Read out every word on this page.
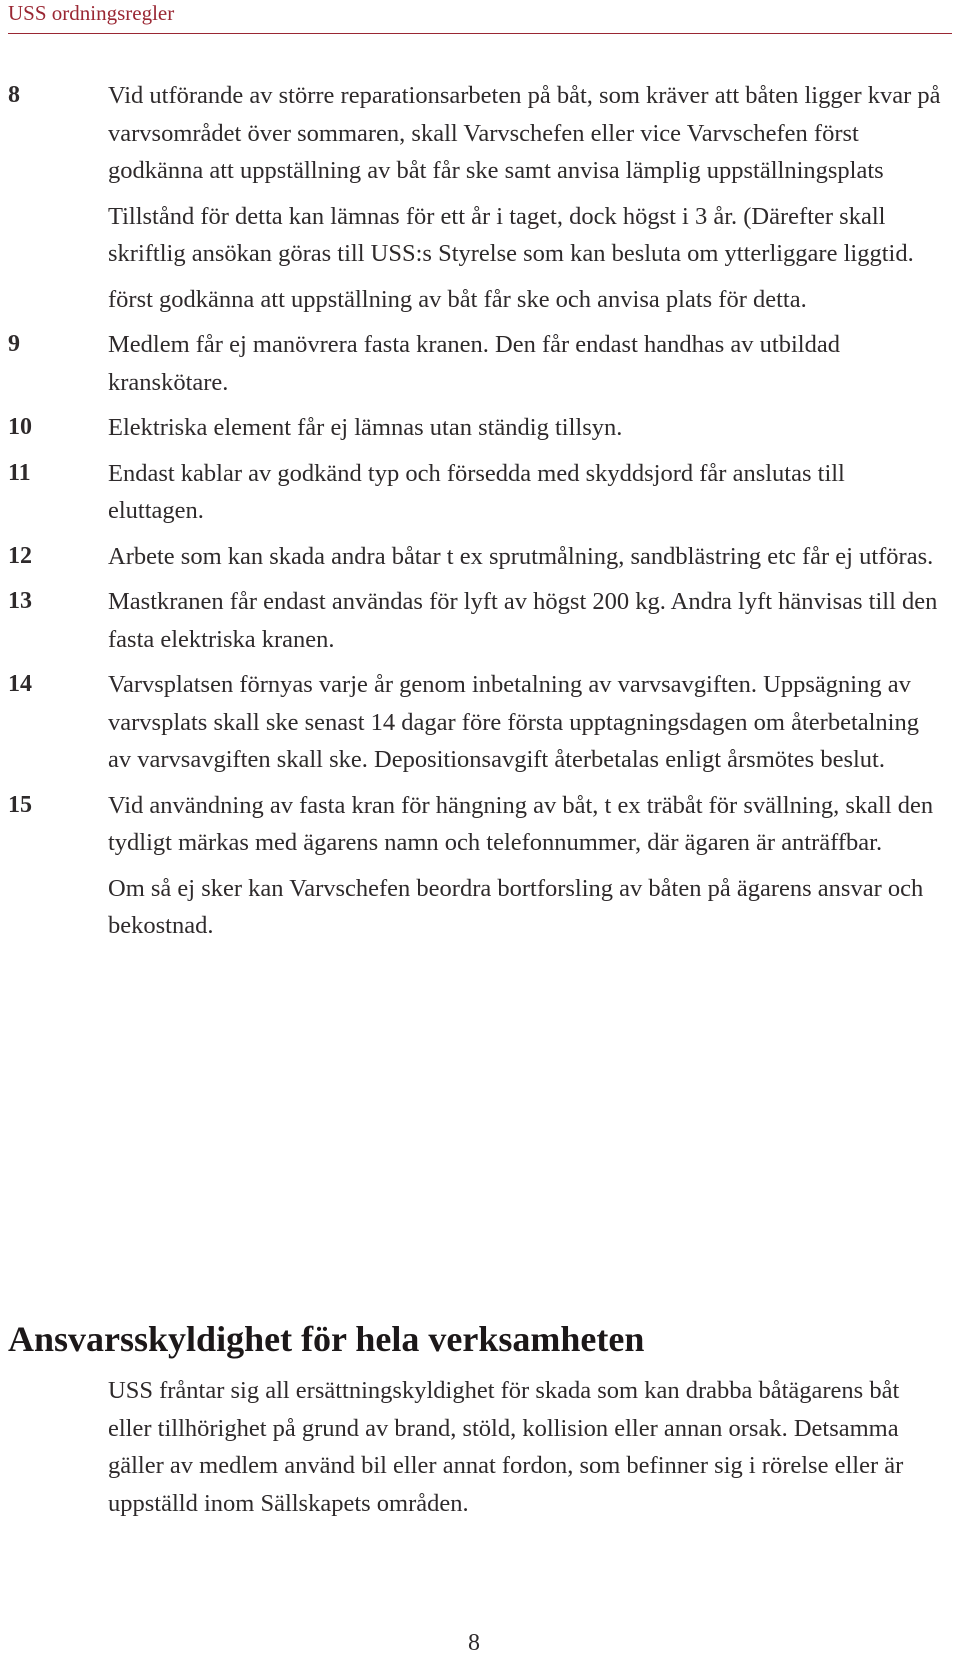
USS ordningsregler
8	Vid utförande av större reparationsarbeten på båt, som kräver att båten ligger kvar på varvsområdet över sommaren, skall Varvschefen eller vice Varvschefen först godkänna att uppställning av båt får ske samt anvisa lämplig uppställningsplats

Tillstånd för detta kan lämnas för ett år i taget, dock högst i 3 år. (Därefter skall skriftlig ansökan göras till USS:s Styrelse som kan besluta om ytterliggare liggtid.

först godkänna att uppställning av båt får ske och anvisa plats för detta.

9	Medlem får ej manövrera fasta kranen. Den får endast handhas av utbildad kranskötare.

10	Elektriska element får ej lämnas utan ständig tillsyn.

11	Endast kablar av godkänd typ och försedda med skyddsjord får anslutas till eluttagen.

12	Arbete som kan skada andra båtar t ex sprutmålning, sandblästring etc får ej utföras.

13	Mastkranen får endast användas för lyft av högst 200 kg. Andra lyft hänvisas till den fasta elektriska kranen.

14	Varvsplatsen förnyas varje år genom inbetalning av varvsavgiften. Uppsägning av varvsplats skall ske senast 14 dagar före första upptagningsdagen om återbetalning av varvsavgiften skall ske. Depositionsavgift återbetalas enligt årsmötes beslut.

15	Vid användning av fasta kran för hängning av båt, t ex träbåt för svällning, skall den tydligt märkas med ägarens namn och telefonnummer, där ägaren är anträffbar.

Om så ej sker kan Varvschefen beordra bortforsling av båten på ägarens ansvar och bekostnad.

Ansvarsskyldighet för hela verksamheten

USS fråntar sig all ersättningskyldighet för skada som kan drabba båtägarens båt eller tillhörighet på grund av brand, stöld, kollision eller annan orsak. Detsamma gäller av medlem använd bil eller annat fordon, som befinner sig i rörelse eller är uppställd inom Sällskapets områden.

8
